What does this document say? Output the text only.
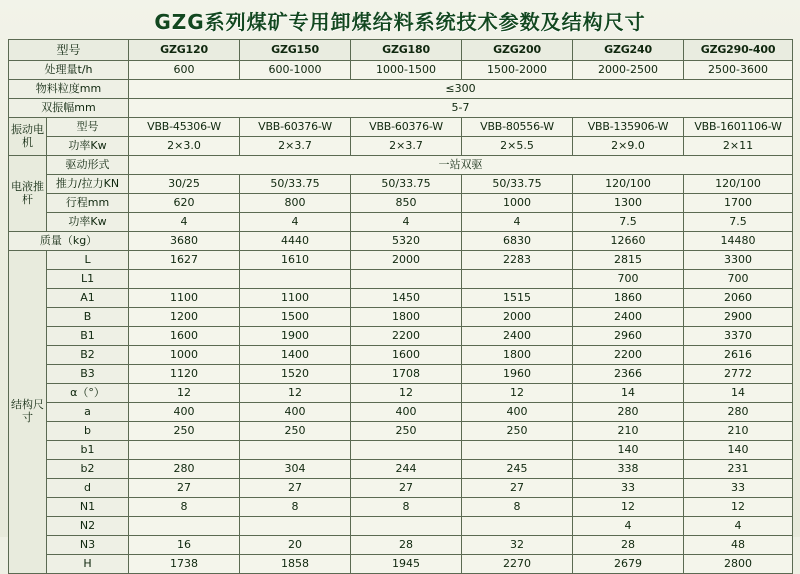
GZG系列煤矿专用卸煤给料系统技术参数及结构尺寸
型号		GZG120	GZG150	GZG180	GZG200	GZG240	GZG290-400
处理量t/h		600	600-1000	1000-1500	1500-2000	2000-2500	2500-3600
物料粒度mm		≤300					
双振幅mm		5-7					

振动电机	型号	VBB-45306-W	VBB-60376-W	VBB-60376-W	VBB-80556-W	VBB-135906-W	VBB-1601106-W
	功率Kw	2×3.0	2×3.7	2×3.7	2×5.5	2×9.0	2×11

电液推杆	驱动形式	一站双驱					
	推力/拉力KN	30/25	50/33.75	50/33.75	50/33.75	120/100	120/100
	行程mm	620	800	850	1000	1300	1700
	功率Kw	4	4	4	4	7.5	7.5
质量（kg）		3680	4440	5320	6830	12660	14480

结构尺寸	L	1627	1610	2000	2283	2815	3300
	L1					700	700
	A1	1100	1100	1450	1515	1860	2060
	B	1200	1500	1800	2000	2400	2900
	B1	1600	1900	2200	2400	2960	3370
	B2	1000	1400	1600	1800	2200	2616
	B3	1120	1520	1708	1960	2366	2772
	α（°）	12	12	12	12	14	14
	a	400	400	400	400	280	280
	b	250	250	250	250	210	210
	b1					140	140
	b2	280	304	244	245	338	231
	d	27	27	27	27	33	33
	N1	8	8	8	8	12	12
	N2					4	4
	N3	16	20	28	32	28	48
	H	1738	1858	1945	2270	2679	2800
